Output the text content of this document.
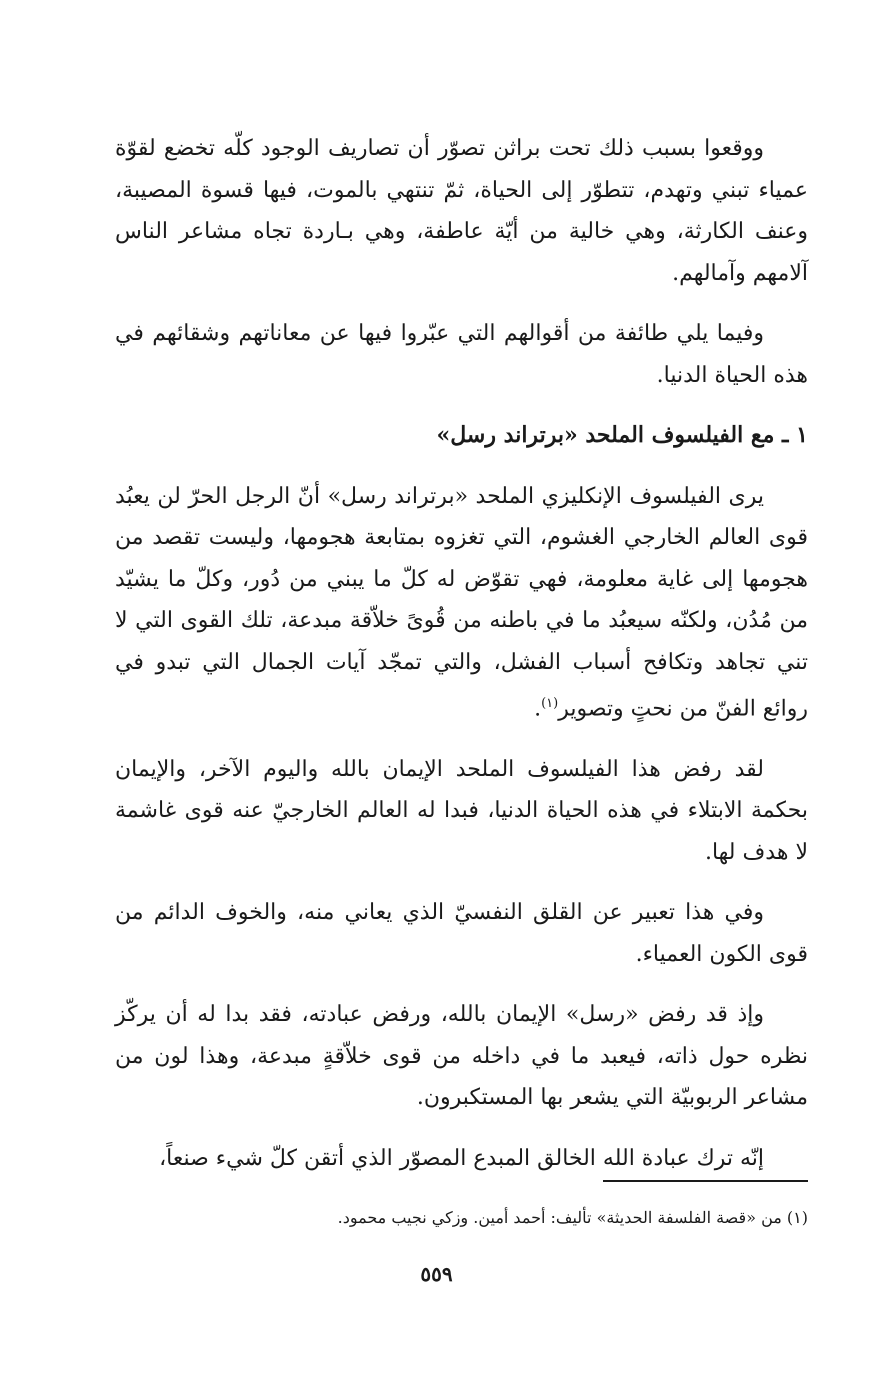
ووقعوا بسبب ذلك تحت براثن تصوّر أن تصاريف الوجود كلّه تخضع لقوّة عمياء تبني وتهدم، تتطوّر إلى الحياة، ثمّ تنتهي بالموت، فيها قسوة المصيبة، وعنف الكارثة، وهي خالية من أيّة عاطفة، وهي بـاردة تجاه مشاعر الناس آلامهم وآمالهم.

وفيما يلي طائفة من أقوالهم التي عبّروا فيها عن معاناتهم وشقائهم في هذه الحياة الدنيا.

١ ـ مع الفيلسوف الملحد «برتراند رسل»

يرى الفيلسوف الإنكليزي الملحد «برتراند رسل» أنّ الرجل الحرّ لن يعبُد قوى العالم الخارجي الغشوم، التي تغزوه بمتابعة هجومها، وليست تقصد من هجومها إلى غاية معلومة، فهي تقوّض له كلّ ما يبني من دُور، وكلّ ما يشيّد من مُدُن، ولكنّه سيعبُد ما في باطنه من قُوىً خلاّقة مبدعة، تلك القوى التي لا تني تجاهد وتكافح أسباب الفشل، والتي تمجّد آيات الجمال التي تبدو في روائع الفنّ من نحتٍ وتصوير$^{(١)}$.

لقد رفض هذا الفيلسوف الملحد الإيمان بالله واليوم الآخر، والإيمان بحكمة الابتلاء في هذه الحياة الدنيا، فبدا له العالم الخارجيّ عنه قوى غاشمة لا هدف لها.

وفي هذا تعبير عن القلق النفسيّ الذي يعاني منه، والخوف الدائم من قوى الكون العمياء.

وإذ قد رفض «رسل» الإيمان بالله، ورفض عبادته، فقد بدا له أن يركّز نظره حول ذاته، فيعبد ما في داخله من قوى خلاّقةٍ مبدعة، وهذا لون من مشاعر الربوبيّة التي يشعر بها المستكبرون.

إنّه ترك عبادة الله الخالق المبدع المصوّر الذي أتقن كلّ شيء صنعاً،

(١) من «قصة الفلسفة الحديثة» تأليف: أحمد أمين. وزكي نجيب محمود.
٥٥٩
